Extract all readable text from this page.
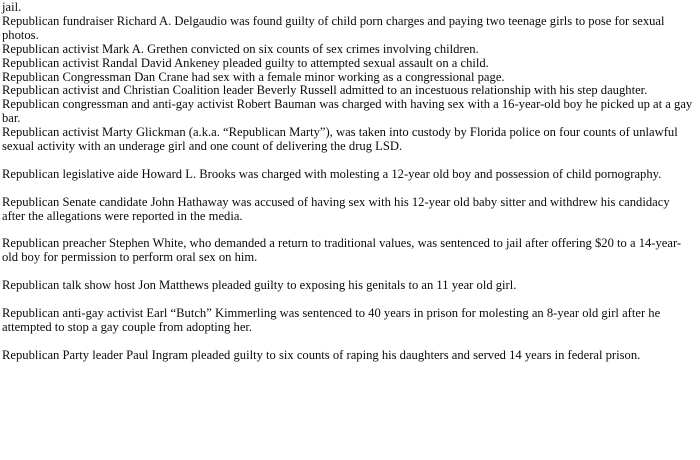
jail.

Republican fundraiser Richard A. Delgaudio was found guilty of child porn charges and paying two teenage girls to pose for sexual photos.

Republican activist Mark A. Grethen convicted on six counts of sex crimes involving children.

Republican activist Randal David Ankeney pleaded guilty to attempted sexual assault on a child.

Republican Congressman Dan Crane had sex with a female minor working as a congressional page.

Republican activist and Christian Coalition leader Beverly Russell admitted to an incestuous relationship with his step daughter.

Republican congressman and anti-gay activist Robert Bauman was charged with having sex with a 16-year-old boy he picked up at a gay bar.

Republican activist Marty Glickman (a.k.a. “Republican Marty”), was taken into custody by Florida police on four counts of unlawful sexual activity with an underage girl and one count of delivering the drug LSD.

Republican legislative aide Howard L. Brooks was charged with molesting a 12-year old boy and possession of child pornography.

Republican Senate candidate John Hathaway was accused of having sex with his 12-year old baby sitter and withdrew his candidacy after the allegations were reported in the media.

Republican preacher Stephen White, who demanded a return to traditional values, was sentenced to jail after offering $20 to a 14-year-old boy for permission to perform oral sex on him.

Republican talk show host Jon Matthews pleaded guilty to exposing his genitals to an 11 year old girl.

Republican anti-gay activist Earl “Butch” Kimmerling was sentenced to 40 years in prison for molesting an 8-year old girl after he attempted to stop a gay couple from adopting her.

Republican Party leader Paul Ingram pleaded guilty to six counts of raping his daughters and served 14 years in federal prison.
